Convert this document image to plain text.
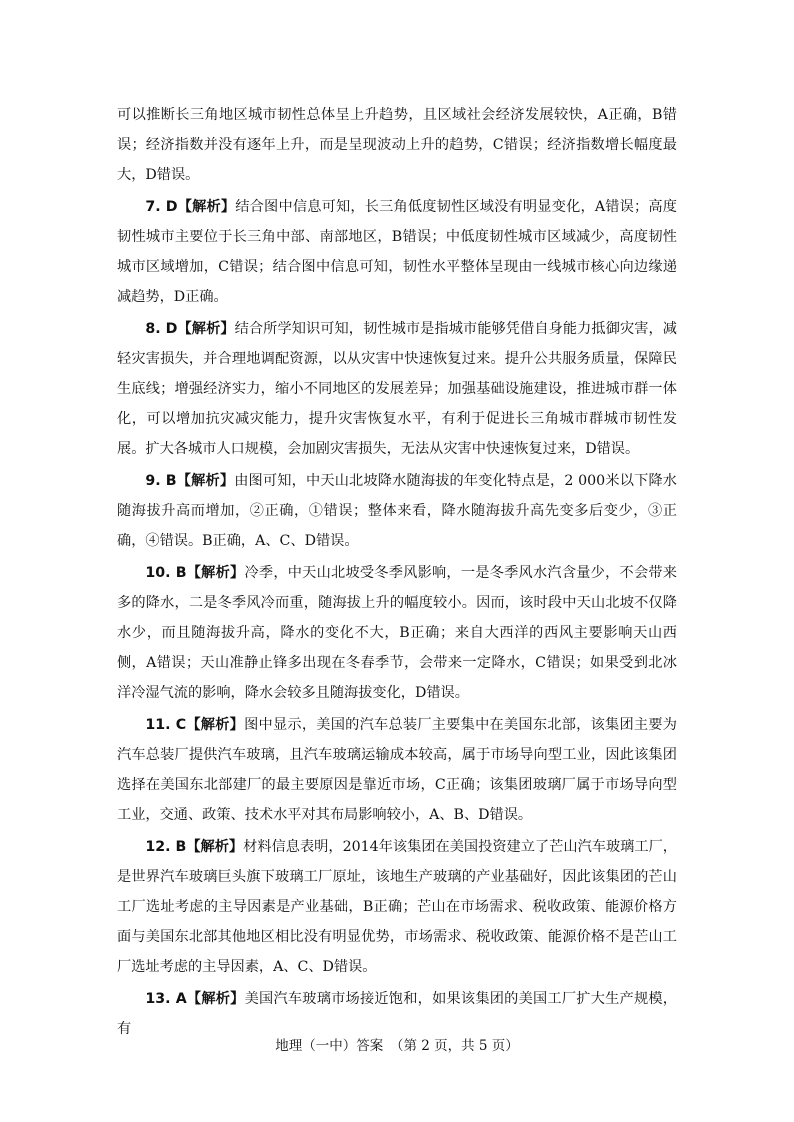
可以推断长三角地区城市韧性总体呈上升趋势，且区域社会经济发展较快，A正确，B错误；经济指数并没有逐年上升，而是呈现波动上升的趋势，C错误；经济指数增长幅度最大，D错误。

7. D【解析】结合图中信息可知，长三角低度韧性区域没有明显变化，A错误；高度韧性城市主要位于长三角中部、南部地区，B错误；中低度韧性城市区域减少，高度韧性城市区域增加，C错误；结合图中信息可知，韧性水平整体呈现由一线城市核心向边缘递减趋势，D正确。

8. D【解析】结合所学知识可知，韧性城市是指城市能够凭借自身能力抵御灾害，减轻灾害损失，并合理地调配资源，以从灾害中快速恢复过来。提升公共服务质量，保障民生底线；增强经济实力，缩小不同地区的发展差异；加强基础设施建设，推进城市群一体化，可以增加抗灾减灾能力，提升灾害恢复水平，有利于促进长三角城市群城市韧性发展。扩大各城市人口规模，会加剧灾害损失，无法从灾害中快速恢复过来，D错误。

9. B【解析】由图可知，中天山北坡降水随海拔的年变化特点是，2 000米以下降水随海拔升高而增加，②正确，①错误；整体来看，降水随海拔升高先变多后变少，③正确，④错误。B正确，A、C、D错误。

10. B【解析】冷季，中天山北坡受冬季风影响，一是冬季风水汽含量少，不会带来多的降水，二是冬季风冷而重，随海拔上升的幅度较小。因而，该时段中天山北坡不仅降水少，而且随海拔升高，降水的变化不大，B正确；来自大西洋的西风主要影响天山西侧，A错误；天山准静止锋多出现在冬春季节，会带来一定降水，C错误；如果受到北冰洋冷湿气流的影响，降水会较多且随海拔变化，D错误。

11. C【解析】图中显示，美国的汽车总装厂主要集中在美国东北部，该集团主要为汽车总装厂提供汽车玻璃，且汽车玻璃运输成本较高，属于市场导向型工业，因此该集团选择在美国东北部建厂的最主要原因是靠近市场，C正确；该集团玻璃厂属于市场导向型工业，交通、政策、技术水平对其布局影响较小，A、B、D错误。

12. B【解析】材料信息表明，2014年该集团在美国投资建立了芒山汽车玻璃工厂，是世界汽车玻璃巨头旗下玻璃工厂原址，该地生产玻璃的产业基础好，因此该集团的芒山工厂选址考虑的主导因素是产业基础，B正确；芒山在市场需求、税收政策、能源价格方面与美国东北部其他地区相比没有明显优势，市场需求、税收政策、能源价格不是芒山工厂选址考虑的主导因素，A、C、D错误。

13. A【解析】美国汽车玻璃市场接近饱和，如果该集团的美国工厂扩大生产规模，有

地理（一中）答案　（第 2 页，共 5 页）
